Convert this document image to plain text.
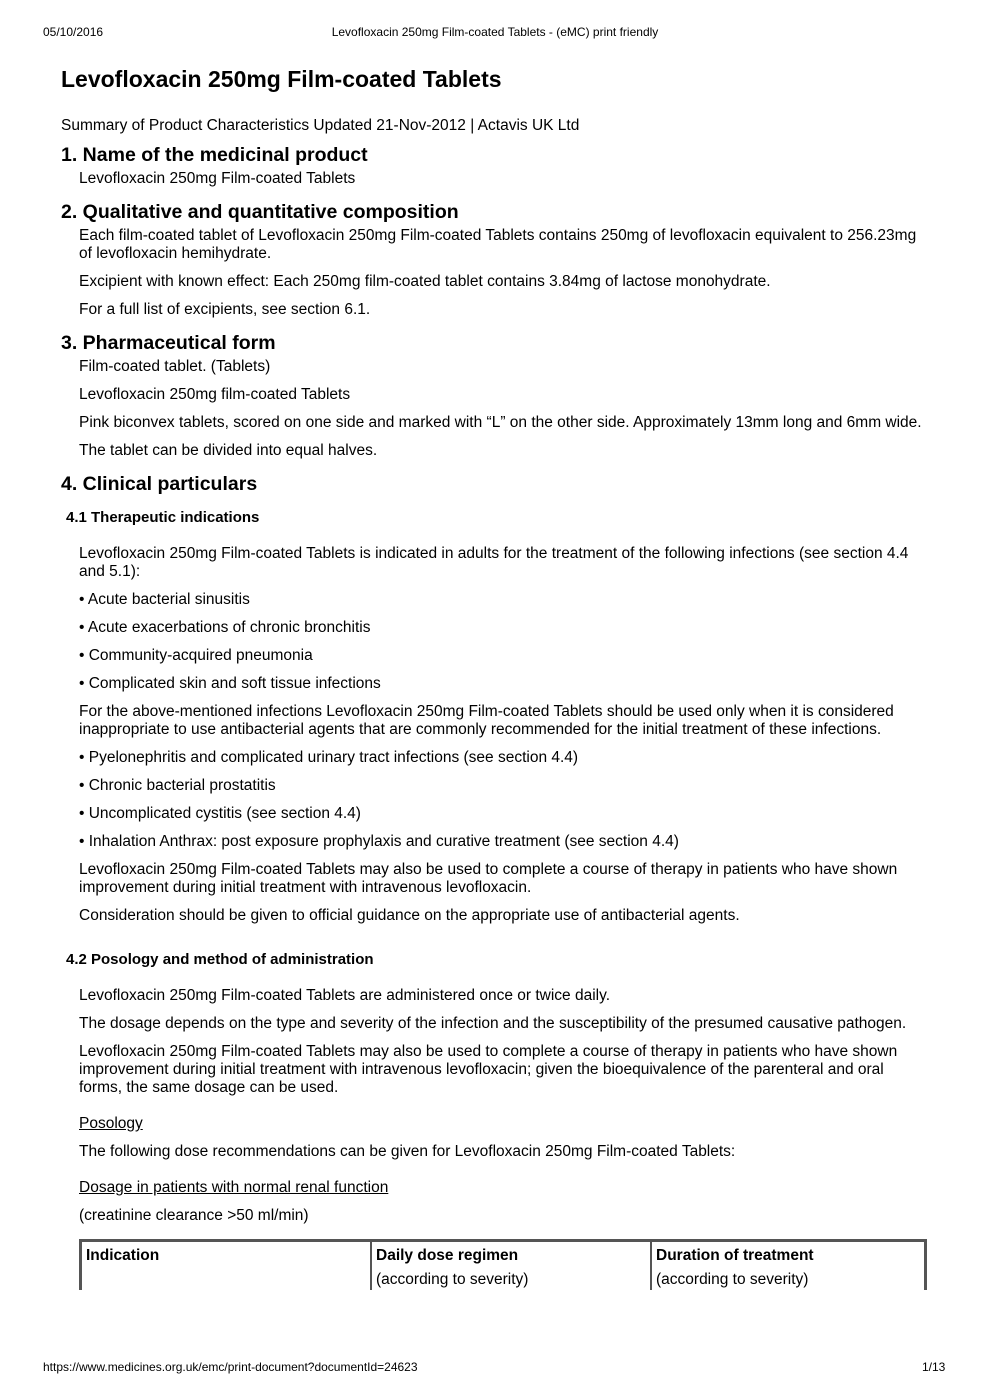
05/10/2016	Levofloxacin 250mg Film-coated Tablets - (eMC) print friendly
Levofloxacin 250mg Film-coated Tablets

Summary of Product Characteristics Updated 21-Nov-2012 | Actavis UK Ltd

1. Name of the medicinal product

Levofloxacin 250mg Film-coated Tablets

2. Qualitative and quantitative composition

Each film-coated tablet of Levofloxacin 250mg Film-coated Tablets contains 250mg of levofloxacin equivalent to 256.23mg of levofloxacin hemihydrate.

Excipient with known effect: Each 250mg film-coated tablet contains 3.84mg of lactose monohydrate.

For a full list of excipients, see section 6.1.

3. Pharmaceutical form

Film-coated tablet. (Tablets)

Levofloxacin 250mg film-coated Tablets

Pink biconvex tablets, scored on one side and marked with “L” on the other side. Approximately 13mm long and 6mm wide.

The tablet can be divided into equal halves.

4. Clinical particulars
4.1 Therapeutic indications

Levofloxacin 250mg Film-coated Tablets is indicated in adults for the treatment of the following infections (see section 4.4 and 5.1):

• Acute bacterial sinusitis

• Acute exacerbations of chronic bronchitis

• Community-acquired pneumonia

• Complicated skin and soft tissue infections

For the above-mentioned infections Levofloxacin 250mg Film-coated Tablets should be used only when it is considered inappropriate to use antibacterial agents that are commonly recommended for the initial treatment of these infections.

• Pyelonephritis and complicated urinary tract infections (see section 4.4)

• Chronic bacterial prostatitis

• Uncomplicated cystitis (see section 4.4)

• Inhalation Anthrax: post exposure prophylaxis and curative treatment (see section 4.4)

Levofloxacin 250mg Film-coated Tablets may also be used to complete a course of therapy in patients who have shown improvement during initial treatment with intravenous levofloxacin.

Consideration should be given to official guidance on the appropriate use of antibacterial agents.

4.2 Posology and method of administration

Levofloxacin 250mg Film-coated Tablets are administered once or twice daily.

The dosage depends on the type and severity of the infection and the susceptibility of the presumed causative pathogen.

Levofloxacin 250mg Film-coated Tablets may also be used to complete a course of therapy in patients who have shown improvement during initial treatment with intravenous levofloxacin; given the bioequivalence of the parenteral and oral forms, the same dosage can be used.

Posology

The following dose recommendations can be given for Levofloxacin 250mg Film-coated Tablets:

Dosage in patients with normal renal function

(creatinine clearance >50 ml/min)

Indication	Daily dose regimen	Duration of treatment
	(according to severity)	(according to severity)
https://www.medicines.org.uk/emc/print-document?documentId=24623	1/13
